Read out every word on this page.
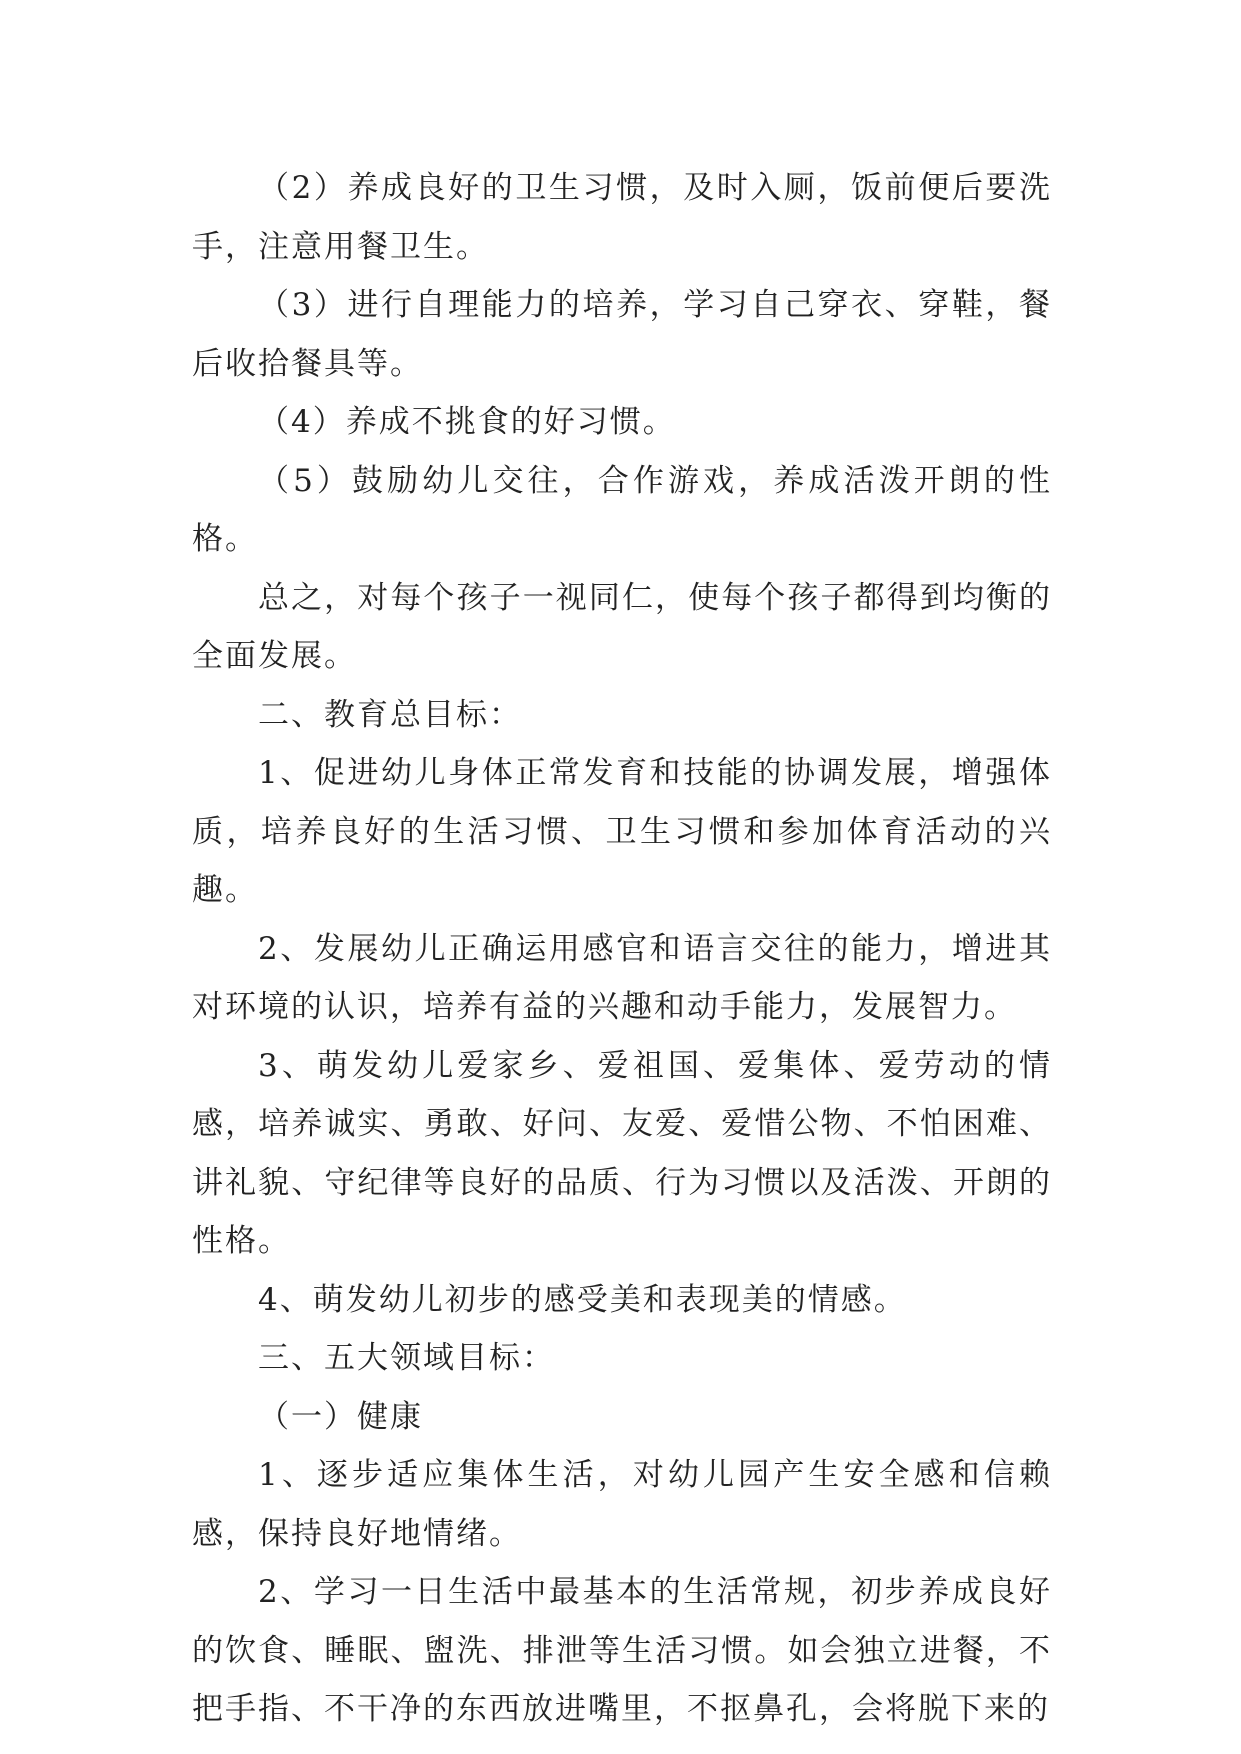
（2）养成良好的卫生习惯，及时入厕，饭前便后要洗手，注意用餐卫生。

（3）进行自理能力的培养，学习自己穿衣、穿鞋，餐后收拾餐具等。

（4）养成不挑食的好习惯。

（5）鼓励幼儿交往，合作游戏，养成活泼开朗的性格。

总之，对每个孩子一视同仁，使每个孩子都得到均衡的全面发展。

二、教育总目标：

1、促进幼儿身体正常发育和技能的协调发展，增强体质，培养良好的生活习惯、卫生习惯和参加体育活动的兴趣。

2、发展幼儿正确运用感官和语言交往的能力，增进其对环境的认识，培养有益的兴趣和动手能力，发展智力。

3、萌发幼儿爱家乡、爱祖国、爱集体、爱劳动的情感，培养诚实、勇敢、好问、友爱、爱惜公物、不怕困难、讲礼貌、守纪律等良好的品质、行为习惯以及活泼、开朗的性格。

4、萌发幼儿初步的感受美和表现美的情感。

三、五大领域目标：

（一）健康

1、逐步适应集体生活，对幼儿园产生安全感和信赖感，保持良好地情绪。

2、学习一日生活中最基本的生活常规，初步养成良好的饮食、睡眠、盥洗、排泄等生活习惯。如会独立进餐，不把手指、不干净的东西放进嘴里，不抠鼻孔，会将脱下来的
